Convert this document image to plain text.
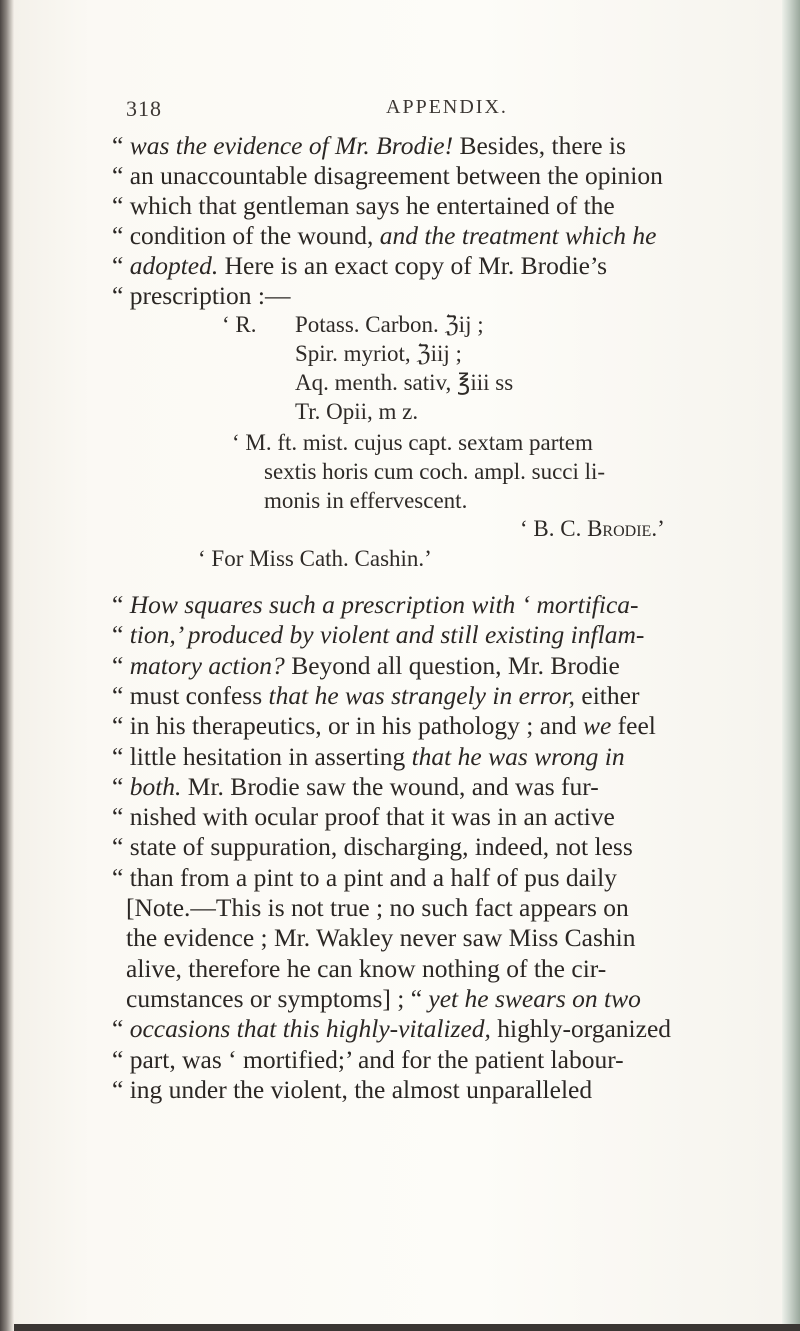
318	APPENDIX.
“ was the evidence of Mr. Brodie! Besides, there is
“ an unaccountable disagreement between the opinion
“ which that gentleman says he entertained of the
“ condition of the wound, and the treatment which he
“ adopted. Here is an exact copy of Mr. Brodie’s
“ prescription :—
‘ R. Potass. Carbon. ℨij ;
Spir. myriot, ℨiij ;
Aq. menth. sativ, ℥iii ss
Tr. Opii, m z.
‘ M. ft. mist. cujus capt. sextam partem
sextis horis cum coch. ampl. succi li-
monis in effervescent.
‘ B. C. Brodie.’
‘ For Miss Cath. Cashin.’
“ How squares such a prescription with ‘ mortifica-
“ tion,’ produced by violent and still existing inflam-
“ matory action? Beyond all question, Mr. Brodie
“ must confess that he was strangely in error, either
“ in his therapeutics, or in his pathology ; and we feel
“ little hesitation in asserting that he was wrong in
“ both. Mr. Brodie saw the wound, and was fur-
“ nished with ocular proof that it was in an active
“ state of suppuration, discharging, indeed, not less
“ than from a pint to a pint and a half of pus daily
[Note.—This is not true ; no such fact appears on
the evidence ; Mr. Wakley never saw Miss Cashin
alive, therefore he can know nothing of the cir-
cumstances or symptoms] ; “ yet he swears on two
“ occasions that this highly-vitalized, highly-organized
“ part, was ‘ mortified;’ and for the patient labour-
“ ing under the violent, the almost unparalleled
